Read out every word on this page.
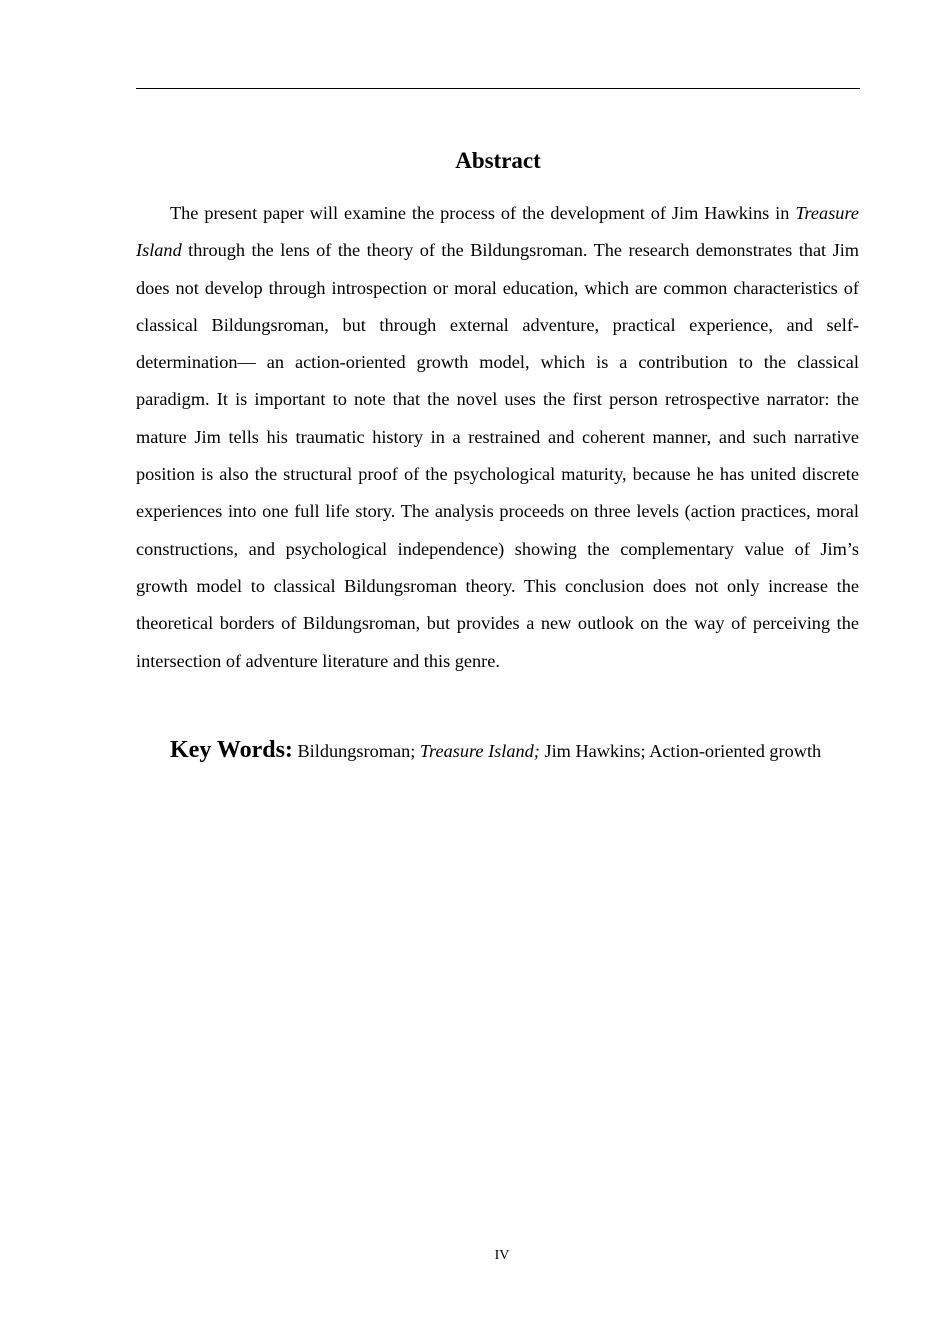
Abstract

The present paper will examine the process of the development of Jim Hawkins in Treasure Island through the lens of the theory of the Bildungsroman. The research demonstrates that Jim does not develop through introspection or moral education, which are common characteristics of classical Bildungsroman, but through external adventure, practical experience, and self-determination— an action-oriented growth model, which is a contribution to the classical paradigm. It is important to note that the novel uses the first person retrospective narrator: the mature Jim tells his traumatic history in a restrained and coherent manner, and such narrative position is also the structural proof of the psychological maturity, because he has united discrete experiences into one full life story. The analysis proceeds on three levels (action practices, moral constructions, and psychological independence) showing the complementary value of Jim’s growth model to classical Bildungsroman theory. This conclusion does not only increase the theoretical borders of Bildungsroman, but provides a new outlook on the way of perceiving the intersection of adventure literature and this genre.

Key Words: Bildungsroman; Treasure Island; Jim Hawkins; Action-oriented growth

IV
